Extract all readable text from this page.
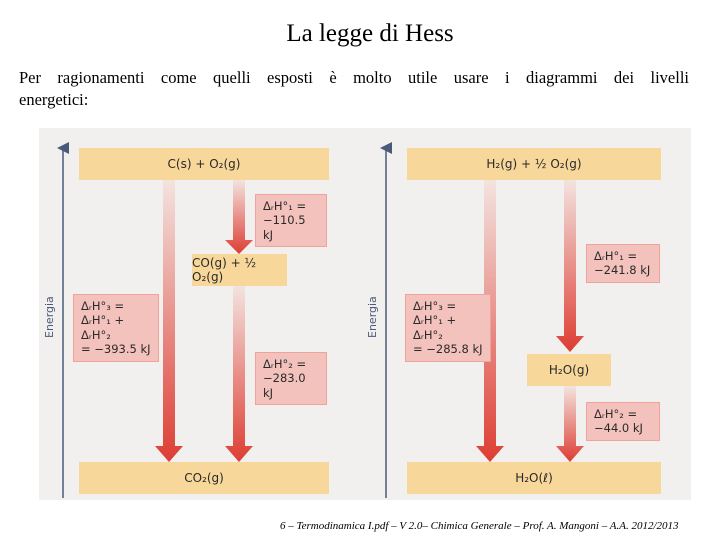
La legge di Hess
Per ragionamenti come quelli esposti è molto utile usare i diagrammi dei livelli
energetici:
Energia	Energia
C(s) + O₂(g)
CO(g) + ½ O₂(g)
CO₂(g)
ΔᵣH°₁ =
−110.5 kJ
ΔᵣH°₂ =
−283.0 kJ
ΔᵣH°₃ =
ΔᵣH°₁ + ΔᵣH°₂
= −393.5 kJ
H₂(g) + ½ O₂(g)
H₂O(g)
H₂O(ℓ)
ΔᵣH°₁ =
−241.8 kJ
ΔᵣH°₂ =
−44.0 kJ
ΔᵣH°₃ =
ΔᵣH°₁ + ΔᵣH°₂
= −285.8 kJ
6 – Termodinamica I.pdf – V 2.0– Chimica Generale – Prof. A. Mangoni – A.A. 2012/2013
